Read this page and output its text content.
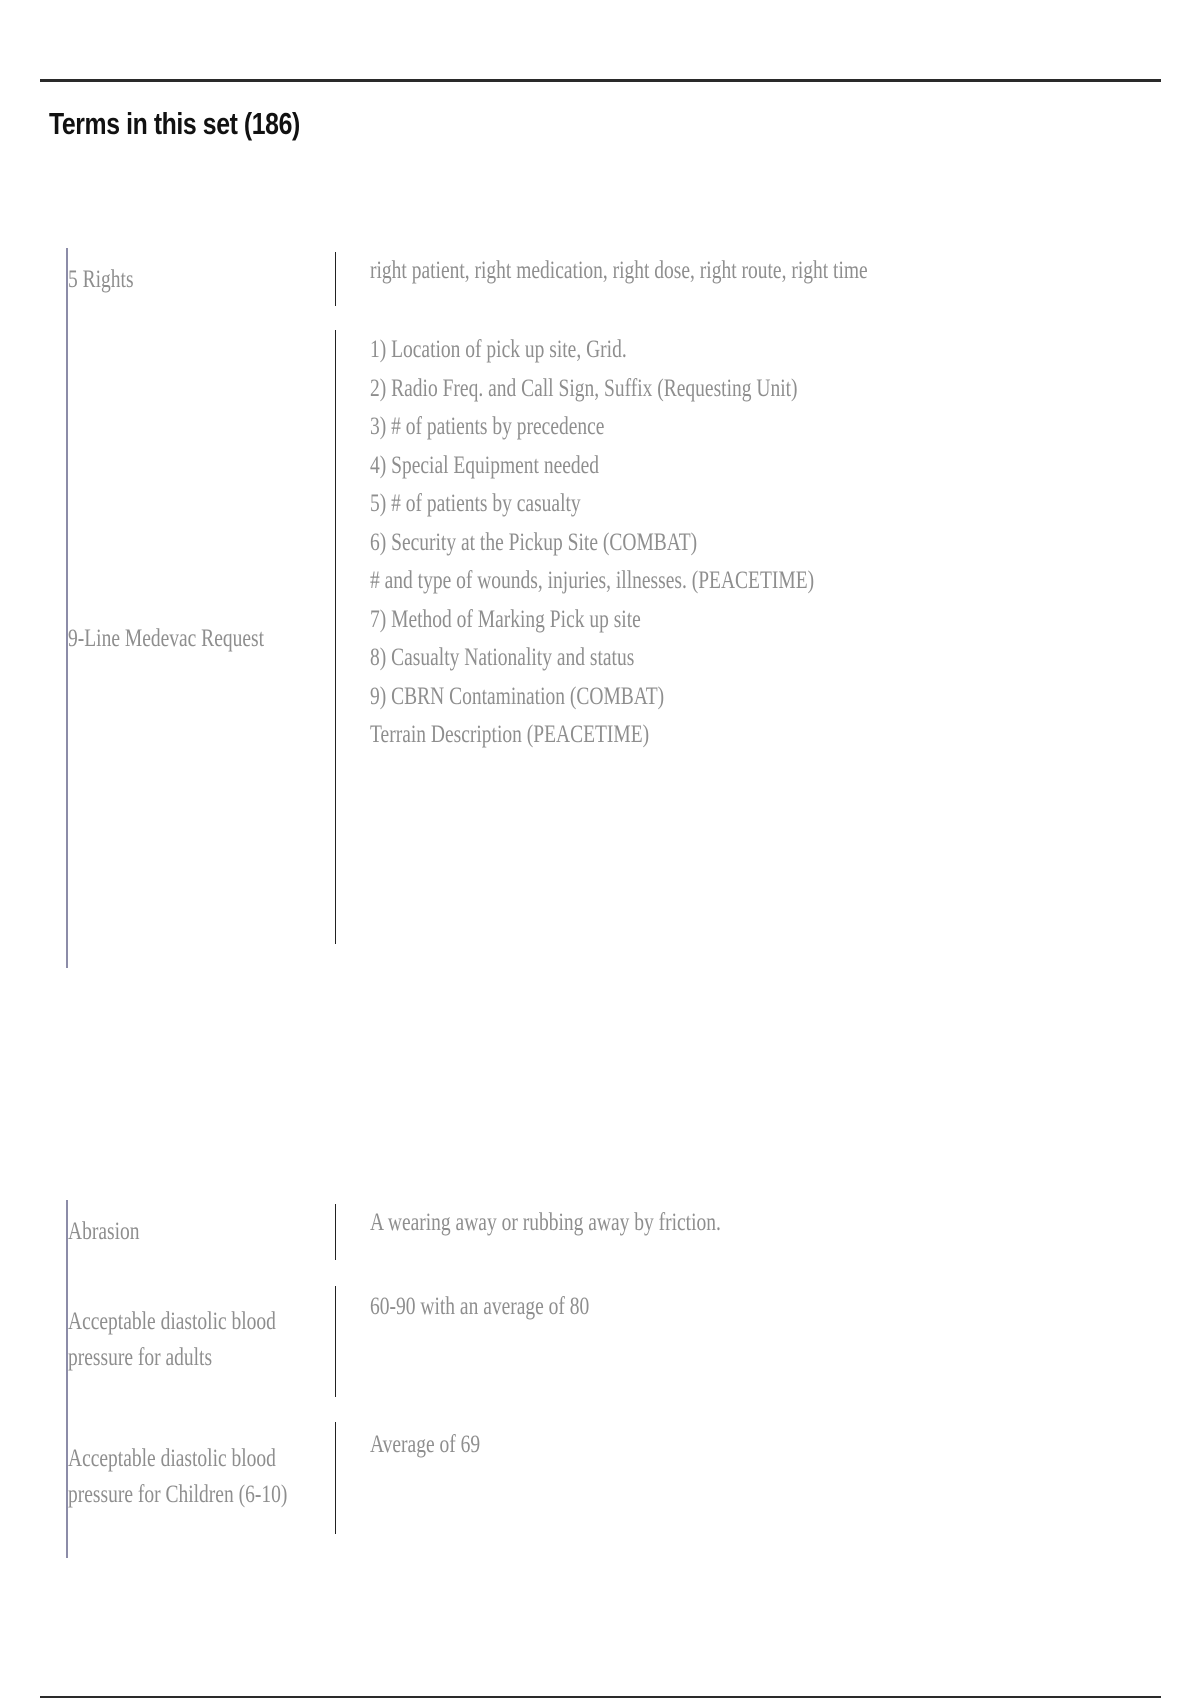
Terms in this set (186)
5 Rights	right patient, right medication, right dose, right route, right time
9-Line Medevac Request
1) Location of pick up site, Grid.
2) Radio Freq. and Call Sign, Suffix (Requesting Unit)
3) # of patients by precedence
4) Special Equipment needed
5) # of patients by casualty
6) Security at the Pickup Site (COMBAT)
# and type of wounds, injuries, illnesses. (PEACETIME)
7) Method of Marking Pick up site
8) Casualty Nationality and status
9) CBRN Contamination (COMBAT)
Terrain Description (PEACETIME)
Abrasion	A wearing away or rubbing away by friction.
Acceptable diastolic blood pressure for adults
60-90 with an average of 80
Acceptable diastolic blood pressure for Children (6-10)
Average of 69
